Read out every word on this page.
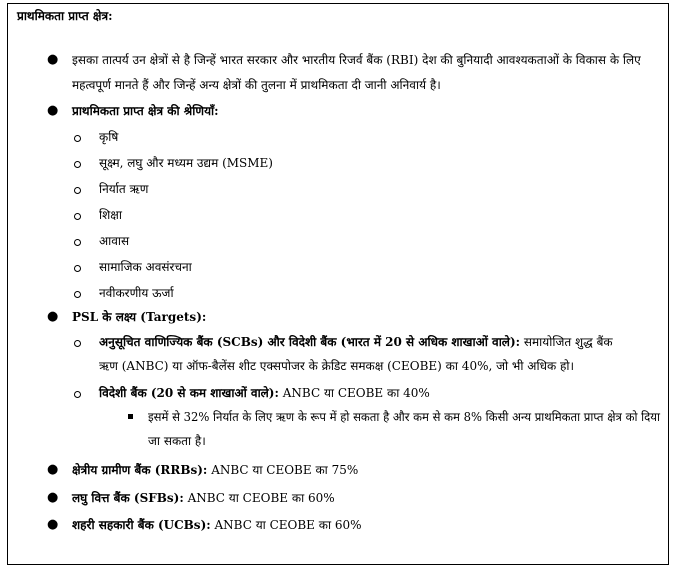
प्राथमिकता प्राप्त क्षेत्र:
● इसका तात्पर्य उन क्षेत्रों से है जिन्हें भारत सरकार और भारतीय रिजर्व बैंक (RBI) देश की बुनियादी आवश्यकताओं के विकास के लिए
महत्वपूर्ण मानते हैं और जिन्हें अन्य क्षेत्रों की तुलना में प्राथमिकता दी जानी अनिवार्य है।
● प्राथमिकता प्राप्त क्षेत्र की श्रेणियाँ:
कृषि
सूक्ष्म, लघु और मध्यम उद्यम (MSME)
निर्यात ऋण
शिक्षा
आवास
सामाजिक अवसंरचना
नवीकरणीय ऊर्जा
● PSL के लक्ष्य (Targets):
अनुसूचित वाणिज्यिक बैंक (SCBs) और विदेशी बैंक (भारत में 20 से अधिक शाखाओं वाले): समायोजित शुद्ध बैंक
ऋण (ANBC) या ऑफ-बैलेंस शीट एक्सपोजर के क्रेडिट समकक्ष (CEOBE) का 40%, जो भी अधिक हो।
विदेशी बैंक (20 से कम शाखाओं वाले): ANBC या CEOBE का 40%
इसमें से 32% निर्यात के लिए ऋण के रूप में हो सकता है और कम से कम 8% किसी अन्य प्राथमिकता प्राप्त क्षेत्र को दिया
जा सकता है।
● क्षेत्रीय ग्रामीण बैंक (RRBs): ANBC या CEOBE का 75%
● लघु वित्त बैंक (SFBs): ANBC या CEOBE का 60%
● शहरी सहकारी बैंक (UCBs): ANBC या CEOBE का 60%
